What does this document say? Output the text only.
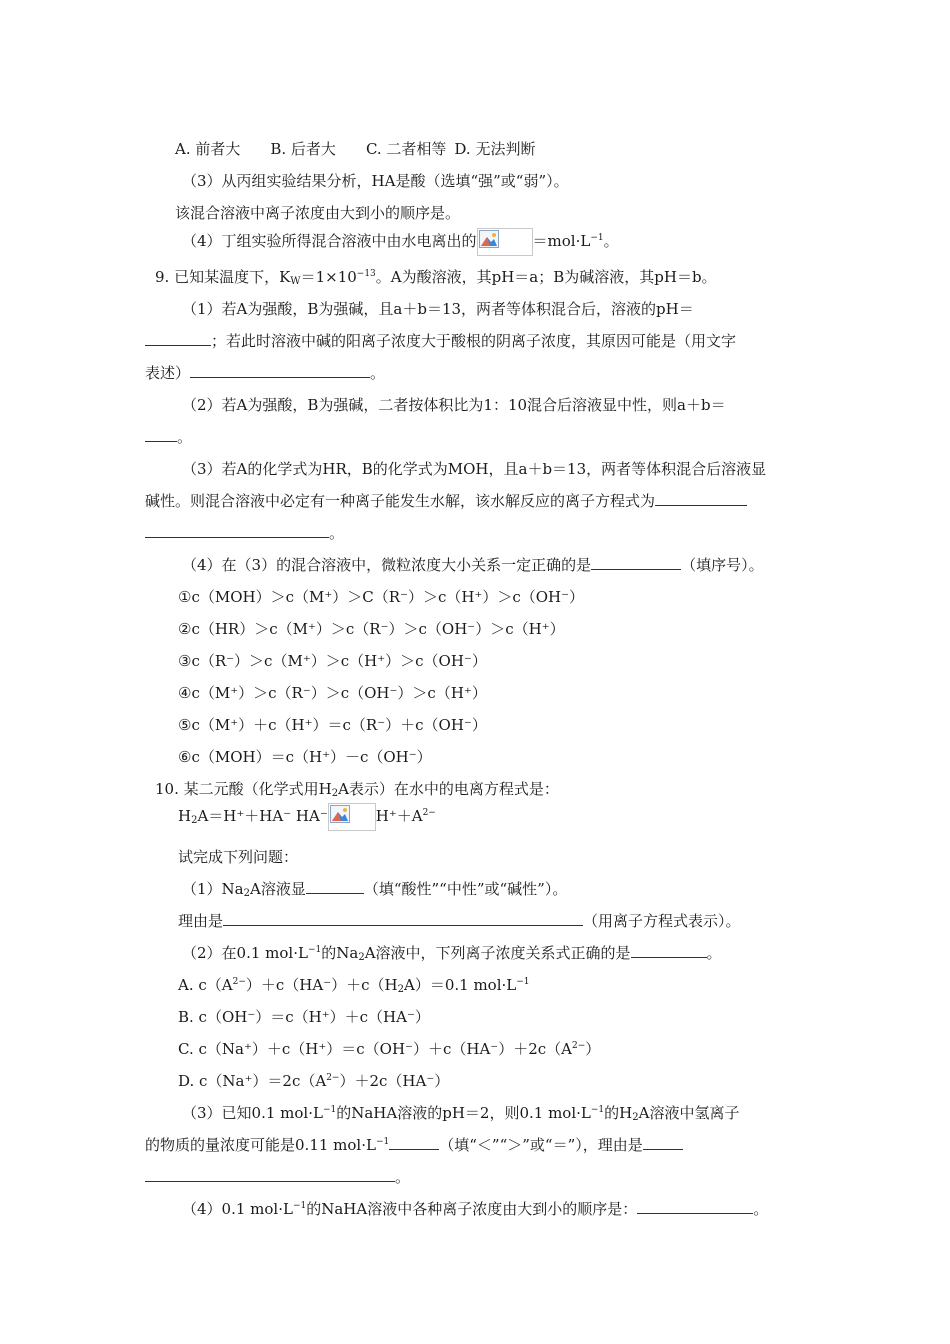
A. 前者大 B. 后者大 C. 二者相等 D. 无法判断
（3）从丙组实验结果分析，HA是酸（选填“强”或“弱”）。
该混合溶液中离子浓度由大到小的顺序是。
（4）丁组实验所得混合溶液中由水电离出的	$=mol\cdot L^{-1}$。
9. 已知某温度下，$K_W=1\times 10^{-13}$。A为酸溶液，其pH＝a；B为碱溶液，其pH＝b。
（1）若A为强酸，B为强碱，且a＋b＝13，两者等体积混合后，溶液的pH＝
；若此时溶液中碱的阳离子浓度大于酸根的阴离子浓度，其原因可能是（用文字
表述）	。
（2）若A为强酸，B为强碱，二者按体积比为1：10混合后溶液显中性，则a＋b＝
。
（3）若A的化学式为HR，B的化学式为MOH，且a＋b＝13，两者等体积混合后溶液显
碱性。则混合溶液中必定有一种离子能发生水解，该水解反应的离子方程式为
。
（4）在（3）的混合溶液中，微粒浓度大小关系一定正确的是	（填序号）。
①c（MOH）＞c（M⁺）＞C（R⁻）＞c（H⁺）＞c（OH⁻）
②c（HR）＞c（M⁺）＞c（R⁻）＞c（OH⁻）＞c（H⁺）
③c（R⁻）＞c（M⁺）＞c（H⁺）＞c（OH⁻）
④c（M⁺）＞c（R⁻）＞c（OH⁻）＞c（H⁺）
⑤c（M⁺）＋c（H⁺）＝c（R⁻）＋c（OH⁻）
⑥c（MOH）＝c（H⁺）－c（OH⁻）
10. 某二元酸（化学式用$H_2A$表示）在水中的电离方程式是：
$H_2A=H^++HA^-$ HA⁻	$H^++A^{2-}$
试完成下列问题：
$(1)Na_2A$溶液显	（填“酸性”“中性”或“碱性”）。
理由是	（用离子方程式表示）。
（2）在0.1 $mol\cdot L^{-1}$的$Na_2A$溶液中，下列离子浓度关系式正确的是	。
A. $c(A^{2-})+c(HA^-)+c(H_2A)=0.1$ $mol\cdot L^{-1}$
B. c（OH⁻）＝c（H⁺）＋c（HA⁻）
C. $c(Na^+)+c(H^+)=c(OH^-)+c(HA^-)+2c(A^{2-})$
D. $c(Na^+)=2c(A^{2-})+2c(HA^-)$
（3）已知0.1 $mol\cdot L^{-1}$的NaHA溶液的pH＝2，则0.1 $mol\cdot L^{-1}$的$H_2A$溶液中氢离子
的物质的量浓度可能是0.11 $mol\cdot L^{-1}$	（填“＜”“＞”或“＝”），理由是
。
（4）0.1 $mol\cdot L^{-1}$的NaHA溶液中各种离子浓度由大到小的顺序是：	。
